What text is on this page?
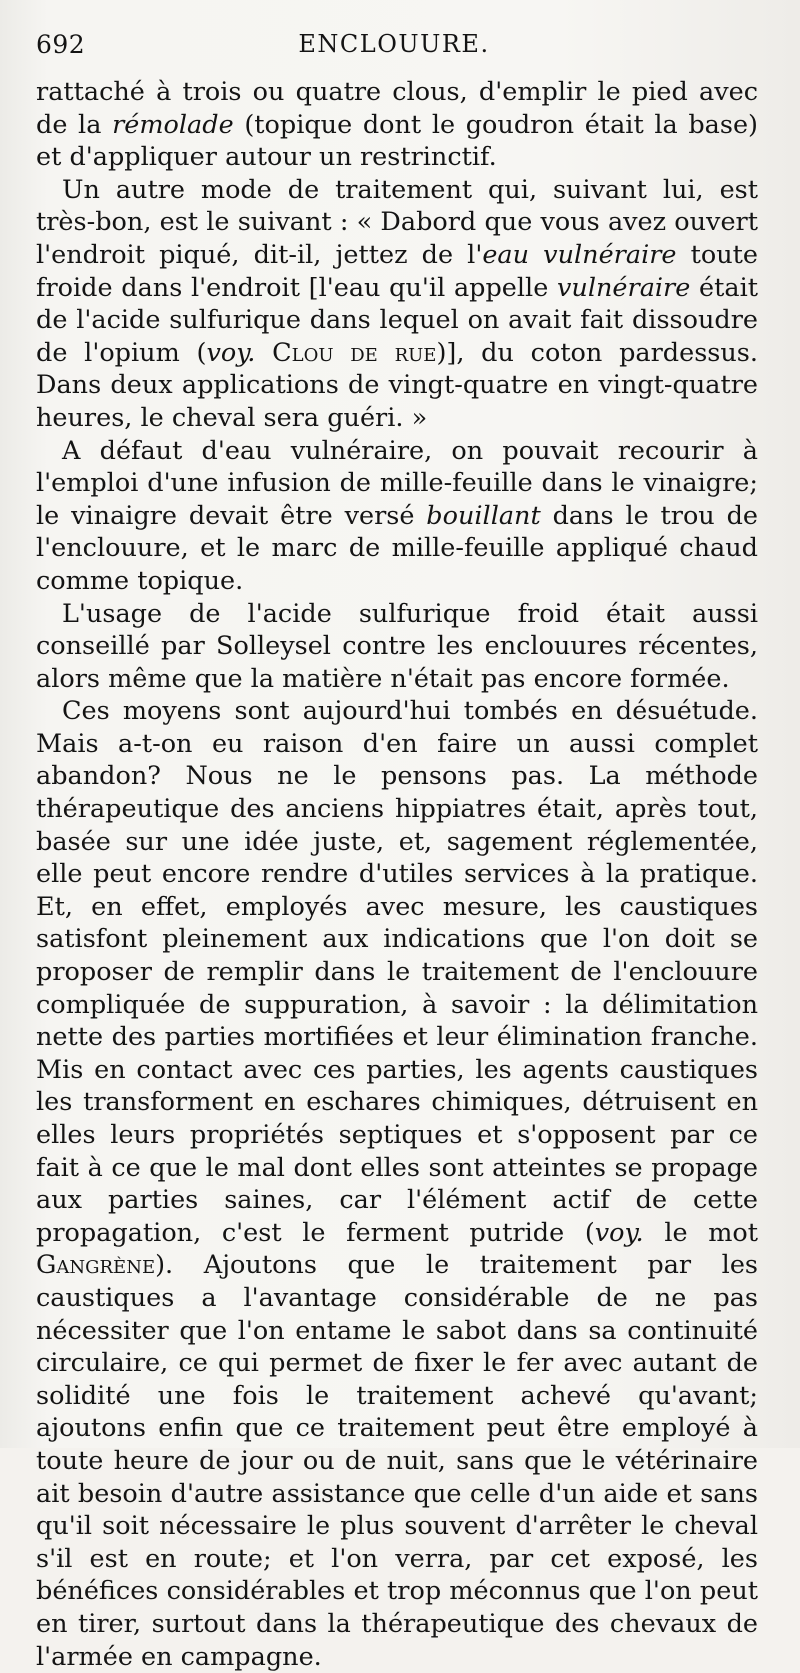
692	ENCLOUURE.

rattaché à trois ou quatre clous, d'emplir le pied avec de la rémolade (topique dont le goudron était la base) et d'appliquer autour un restrinctif.

Un autre mode de traitement qui, suivant lui, est très-bon, est le suivant : « Dabord que vous avez ouvert l'endroit piqué, dit-il, jettez de l'eau vulnéraire toute froide dans l'endroit [l'eau qu'il appelle vulnéraire était de l'acide sulfurique dans lequel on avait fait dissoudre de l'opium (voy. Clou de rue)], du coton pardessus. Dans deux applications de vingt-quatre en vingt-quatre heures, le cheval sera guéri. »

A défaut d'eau vulnéraire, on pouvait recourir à l'emploi d'une infusion de mille-feuille dans le vinaigre; le vinaigre devait être versé bouillant dans le trou de l'enclouure, et le marc de mille-feuille appliqué chaud comme topique.

L'usage de l'acide sulfurique froid était aussi conseillé par Solleysel contre les enclouures récentes, alors même que la matière n'était pas encore formée.

Ces moyens sont aujourd'hui tombés en désuétude. Mais a-t-on eu raison d'en faire un aussi complet abandon? Nous ne le pensons pas. La méthode thérapeutique des anciens hippiatres était, après tout, basée sur une idée juste, et, sagement réglementée, elle peut encore rendre d'utiles services à la pratique. Et, en effet, employés avec mesure, les caustiques satisfont pleinement aux indications que l'on doit se proposer de remplir dans le traitement de l'enclouure compliquée de suppuration, à savoir : la délimitation nette des parties mortifiées et leur élimination franche. Mis en contact avec ces parties, les agents caustiques les transforment en eschares chimiques, détruisent en elles leurs propriétés septiques et s'opposent par ce fait à ce que le mal dont elles sont atteintes se propage aux parties saines, car l'élément actif de cette propagation, c'est le ferment putride (voy. le mot Gangrène). Ajoutons que le traitement par les caustiques a l'avantage considérable de ne pas nécessiter que l'on entame le sabot dans sa continuité circulaire, ce qui permet de fixer le fer avec autant de solidité une fois le traitement achevé qu'avant; ajoutons enfin que ce traitement peut être employé à toute heure de jour ou de nuit, sans que le vétérinaire ait besoin d'autre assistance que celle d'un aide et sans qu'il soit nécessaire le plus souvent d'arrêter le cheval s'il est en route; et l'on verra, par cet exposé, les bénéfices considérables et trop méconnus que l'on peut en tirer, surtout dans la thérapeutique des chevaux de l'armée en campagne.
